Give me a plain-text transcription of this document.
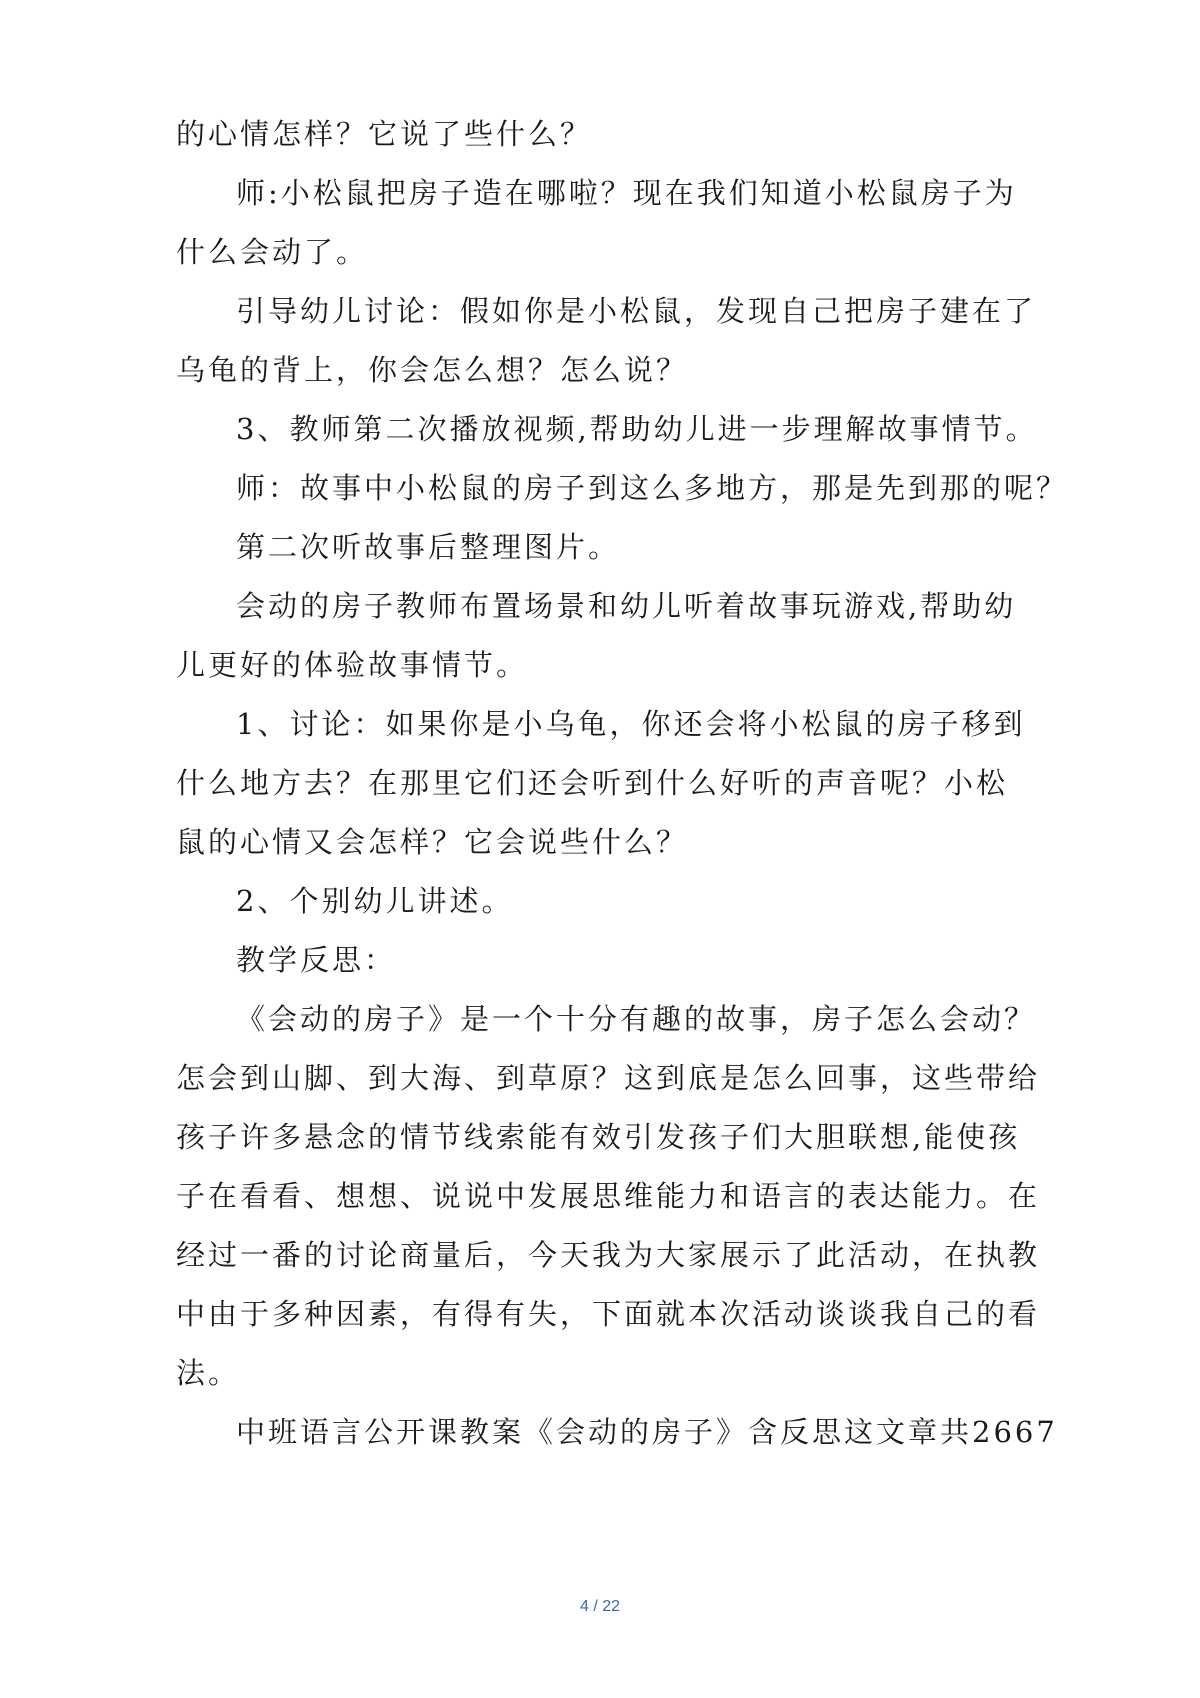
的心情怎样？它说了些什么？
师:小松鼠把房子造在哪啦？现在我们知道小松鼠房子为
什么会动了。
引导幼儿讨论：假如你是小松鼠，发现自己把房子建在了
乌龟的背上，你会怎么想？怎么说？
3、教师第二次播放视频,帮助幼儿进一步理解故事情节。
师：故事中小松鼠的房子到这么多地方，那是先到那的呢？
第二次听故事后整理图片。
会动的房子教师布置场景和幼儿听着故事玩游戏,帮助幼
儿更好的体验故事情节。
1、讨论：如果你是小乌龟，你还会将小松鼠的房子移到
什么地方去？在那里它们还会听到什么好听的声音呢？小松
鼠的心情又会怎样？它会说些什么？
2、个别幼儿讲述。
教学反思：
《会动的房子》是一个十分有趣的故事，房子怎么会动？
怎会到山脚、到大海、到草原？这到底是怎么回事，这些带给
孩子许多悬念的情节线索能有效引发孩子们大胆联想,能使孩
子在看看、想想、说说中发展思维能力和语言的表达能力。在
经过一番的讨论商量后，今天我为大家展示了此活动，在执教
中由于多种因素，有得有失，下面就本次活动谈谈我自己的看
法。
中班语言公开课教案《会动的房子》含反思这文章共2667
4 / 22
